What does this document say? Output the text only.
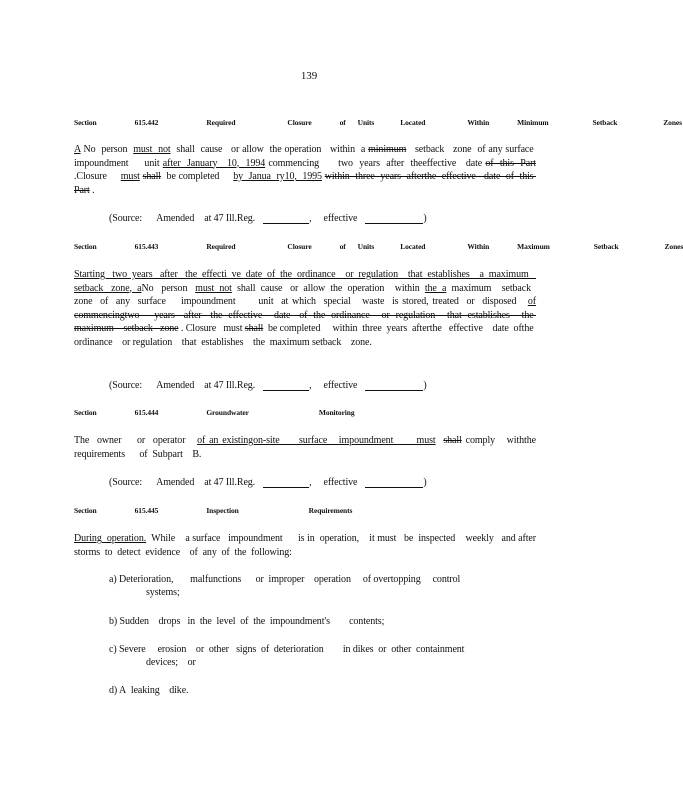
139
Section	615.442	Required	Closure	of Units	Located	Within	Minimum	Setback	Zones
A No  person  must  not  shall  cause   or allow  the operation   within  a minimum   setback   zone  of any surface  impoundment     unit after  January   10,  1994 commencing      two  years  after  theeffective   date of  this  Part .Closure     must shall  be completed     by  Janua  ry10,  1995 within  three  years  afterthe  effective   date  of  this  Part .
(Source: Amended at 47 Ill.Reg.	, effective	)
Section	615.443	Required	Closure	of Units	Located	Within	Maximum	Setback	Zones
Starting   two  years   after   the  effecti  ve  date  of  the  ordinance    or  regulation    that  establishes    a  maximum    setback   zone,  aNo   person   must  not  shall  cause   or  allow  the  operation    within  the  a  maximum    setback   zone  of  any  surface    impoundment      unit  at which  special   waste  is stored, treated  or  disposed   of commencingtwo     years   after   the  effective    date   of  the  ordinance    or  regulation    that  establishes    the  maximum    setback   zone . Closure   must shall  be completed     within  three  years  afterthe   effective    date  ofthe  ordinance    or regulation    that  establishes    the  maximum setback    zone.
(Source: Amended at 47 Ill.Reg.	, effective	)
Section	615.444	Groundwater	Monitoring
The  owner    or  operator   of an existingon-site     surface   impoundment      must shall comply   withthe requirements      of  Subpart    B.
(Source: Amended at 47 Ill.Reg.	, effective	)
Section	615.445	Inspection	Requirements
During  operation.  While    a surface   impoundment      is in  operation,    it must   be  inspected    weekly   and after storms  to  detect  evidence    of  any  of  the  following:
a) Deterioration,       malfunctions      or  improper    operation     of overtopping     control
systems;
b) Sudden    drops   in  the  level  of  the  impoundment's        contents;
c) Severe     erosion    or  other   signs  of  deterioration        in dikes  or  other  containment
devices;    or
d) A  leaking    dike.
